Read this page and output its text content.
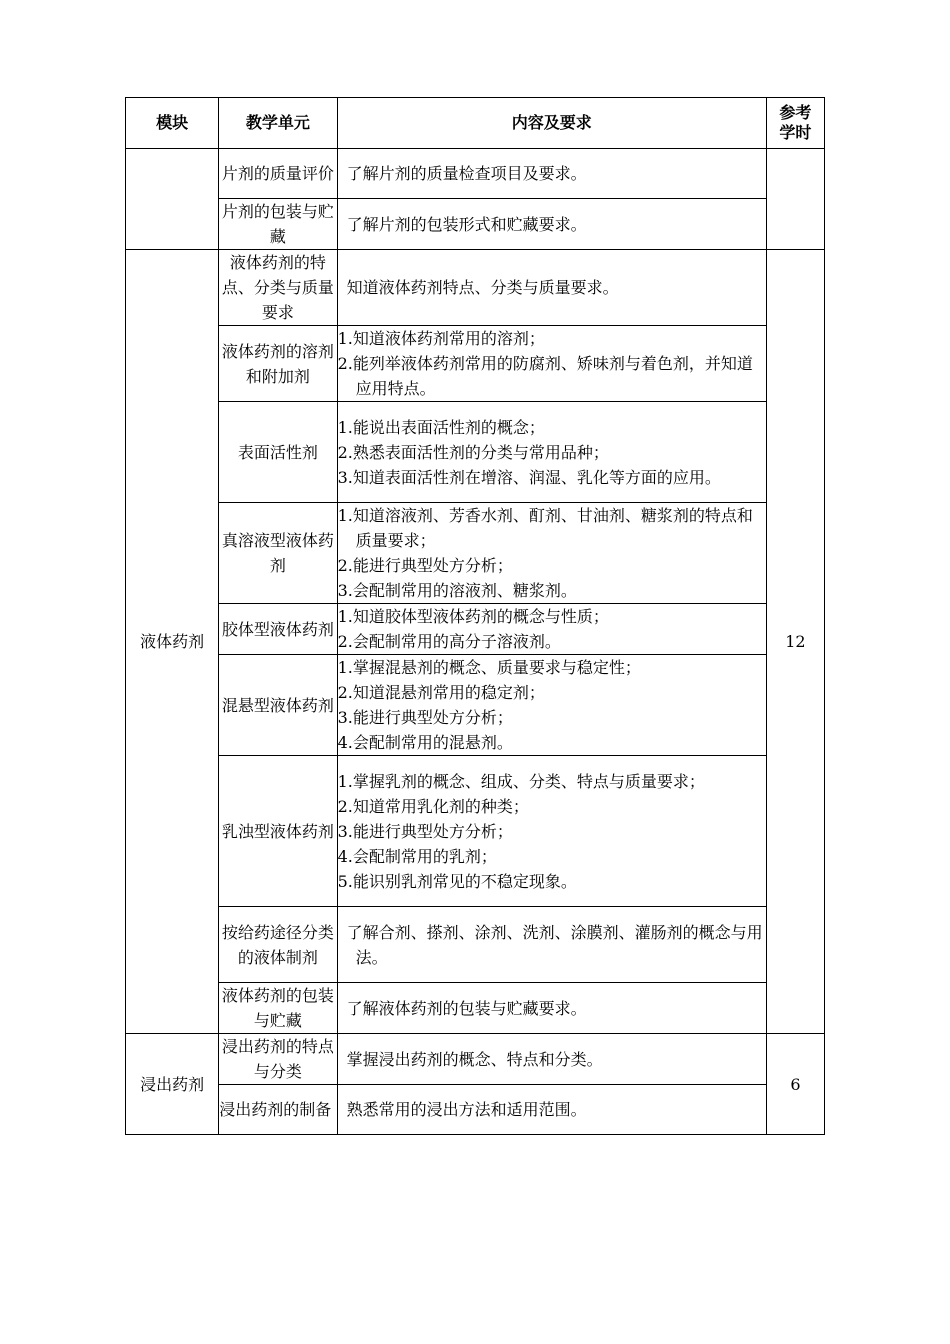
模块	教学单元	内容及要求	参考学时
	片剂的质量评价	了解片剂的质量检查项目及要求。	

	片剂的包装与贮藏	了解片剂的包装形式和贮藏要求。	

液体药剂	液体药剂的特点、分类与质量要求	知道液体药剂特点、分类与质量要求。	12
	液体药剂的溶剂和附加剂	1.知道液体药剂常用的溶剂；
2.能列举液体药剂常用的防腐剂、矫味剂与着色剂，并知道应用特点。	

	表面活性剂	1.能说出表面活性剂的概念；
2.熟悉表面活性剂的分类与常用品种；
3.知道表面活性剂在增溶、润湿、乳化等方面的应用。	

	真溶液型液体药剂	1.知道溶液剂、芳香水剂、酊剂、甘油剂、糖浆剂的特点和质量要求；
2.能进行典型处方分析；
3.会配制常用的溶液剂、糖浆剂。	

	胶体型液体药剂	1.知道胶体型液体药剂的概念与性质；
2.会配制常用的高分子溶液剂。	

	混悬型液体药剂	1.掌握混悬剂的概念、质量要求与稳定性；
2.知道混悬剂常用的稳定剂；
3.能进行典型处方分析；
4.会配制常用的混悬剂。	

	乳浊型液体药剂	1.掌握乳剂的概念、组成、分类、特点与质量要求；
2.知道常用乳化剂的种类；
3.能进行典型处方分析；
4.会配制常用的乳剂；
5.能识别乳剂常见的不稳定现象。	

	按给药途径分类的液体制剂	了解合剂、搽剂、涂剂、洗剂、涂膜剂、灌肠剂的概念与用法。	

	液体药剂的包装与贮藏	了解液体药剂的包装与贮藏要求。	

浸出药剂	浸出药剂的特点与分类	掌握浸出药剂的概念、特点和分类。	6
	浸出药剂的制备	熟悉常用的浸出方法和适用范围。	
